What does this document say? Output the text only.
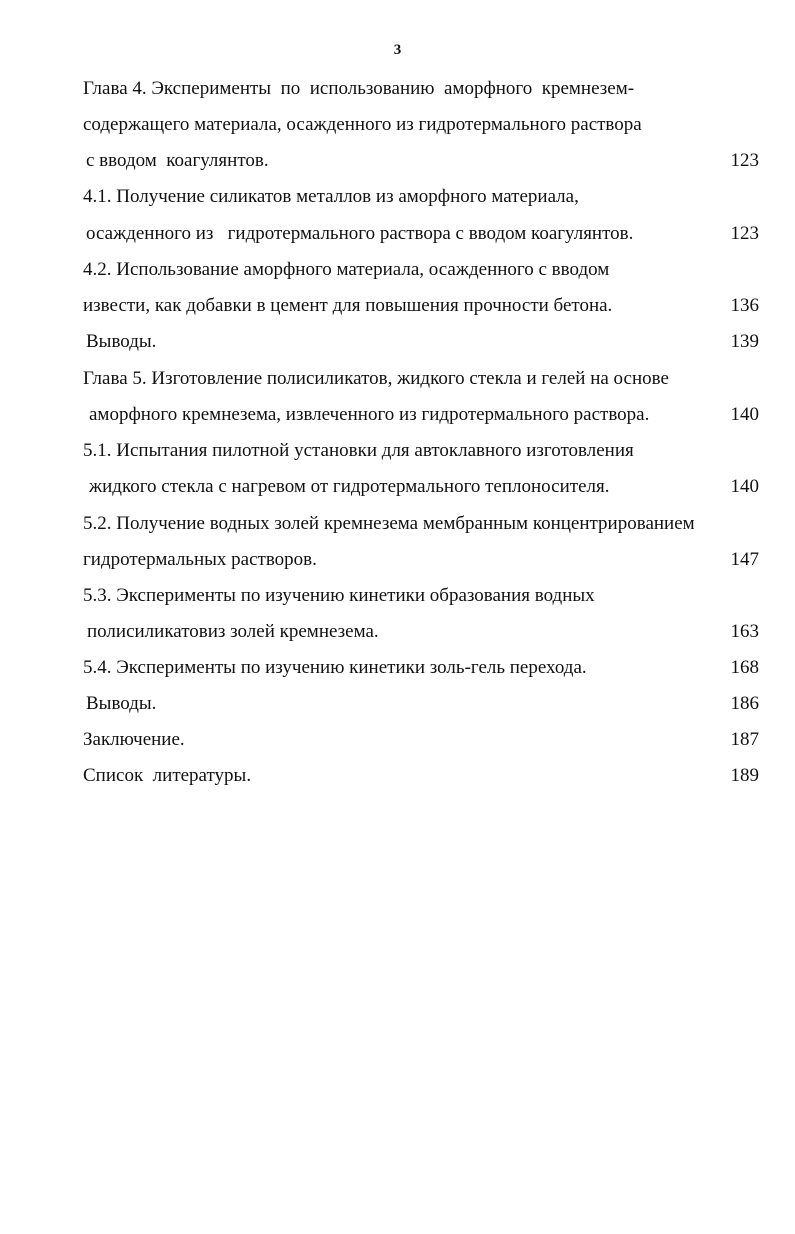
3
Глава 4. Эксперименты  по  использованию  аморфного  кремнезем-
содержащего материала, осажденного из гидротермального раствора
с вводом  коагулянтов.	123
4.1. Получение силикатов металлов из аморфного материала,
осажденного из   гидротермального раствора с вводом коагулянтов.	123
4.2. Использование аморфного материала, осажденного с вводом
извести, как добавки в цемент для повышения прочности бетона.	136
Выводы.	139
Глава 5. Изготовление полисиликатов, жидкого стекла и гелей на основе
аморфного кремнезема, извлеченного из гидротермального раствора.	140
5.1. Испытания пилотной установки для автоклавного изготовления
жидкого стекла с нагревом от гидротермального теплоносителя.	140
5.2. Получение водных золей кремнезема мембранным концентрированием
гидротермальных растворов.	147
5.3. Эксперименты по изучению кинетики образования водных
полисиликатовиз золей кремнезема.	163
5.4. Эксперименты по изучению кинетики золь-гель перехода.	168
Выводы.	186
Заключение.	187
Список  литературы.	189
